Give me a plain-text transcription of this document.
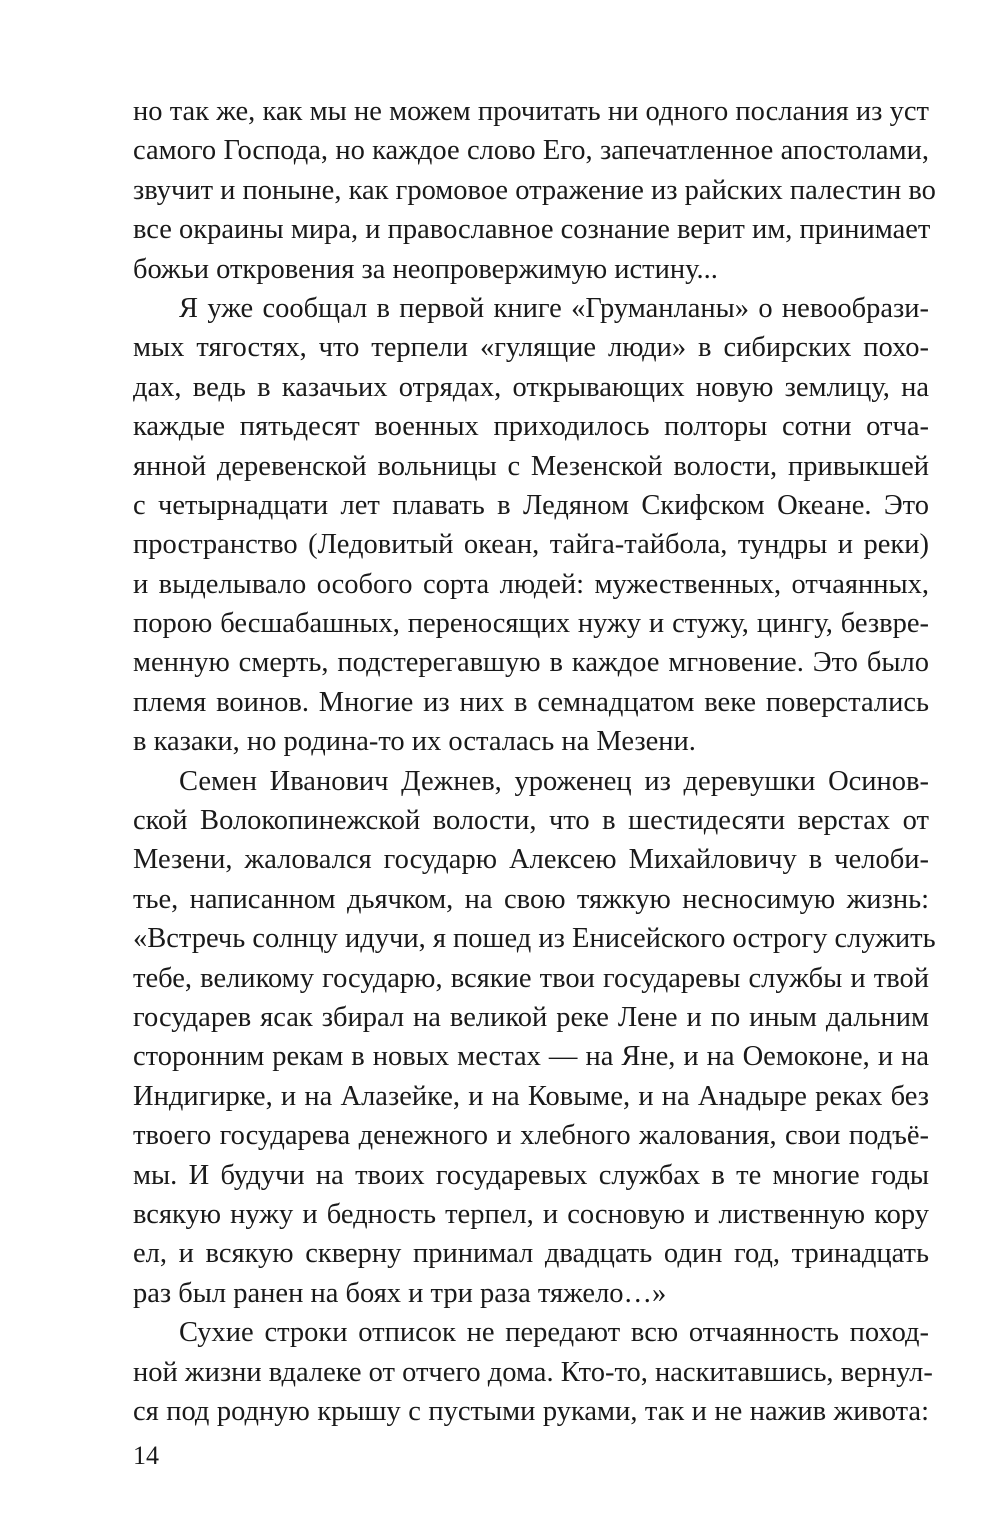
но так же, как мы не можем прочитать ни одного послания из уст
самого Господа, но каждое слово Его, запечатленное апостолами,
звучит и поныне, как громовое отражение из райских палестин во
все окраины мира, и православное сознание верит им, принимает
божьи откровения за неопровержимую истину...
Я уже сообщал в первой книге «Груманланы» о невообрази-
мых тягостях, что терпели «гулящие люди» в сибирских похо-
дах, ведь в казачьих отрядах, открывающих новую землицу, на
каждые пятьдесят военных приходилось полторы сотни отча-
янной деревенской вольницы с Мезенской волости, привыкшей
с четырнадцати лет плавать в Ледяном Скифском Океане. Это
пространство (Ледовитый океан, тайга-тайбола, тундры и реки)
и выделывало особого сорта людей: мужественных, отчаянных,
порою бесшабашных, переносящих нужу и стужу, цингу, безвре-
менную смерть, подстерегавшую в каждое мгновение. Это было
племя воинов. Многие из них в семнадцатом веке поверстались
в казаки, но родина-то их осталась на Мезени.
Семен Иванович Дежнев, уроженец из деревушки Осинов-
ской Волокопинежской волости, что в шестидесяти верстах от
Мезени, жаловался государю Алексею Михайловичу в челоби-
тье, написанном дьячком, на свою тяжкую несносимую жизнь:
«Встречь солнцу идучи, я пошед из Енисейского острогу служить
тебе, великому государю, всякие твои государевы службы и твой
государев ясак збирал на великой реке Лене и по иным дальним
сторонним рекам в новых местах — на Яне, и на Оемоконе, и на
Индигирке, и на Алазейке, и на Ковыме, и на Анадыре реках без
твоего государева денежного и хлебного жалования, свои подъё-
мы. И будучи на твоих государевых службах в те многие годы
всякую нужу и бедность терпел, и сосновую и лиственную кору
ел, и всякую скверну принимал двадцать один год, тринадцать
раз был ранен на боях и три раза тяжело…»
Сухие строки отписок не передают всю отчаянность поход-
ной жизни вдалеке от отчего дома. Кто-то, наскитавшись, вернул-
ся под родную крышу с пустыми руками, так и не нажив живота:
14
